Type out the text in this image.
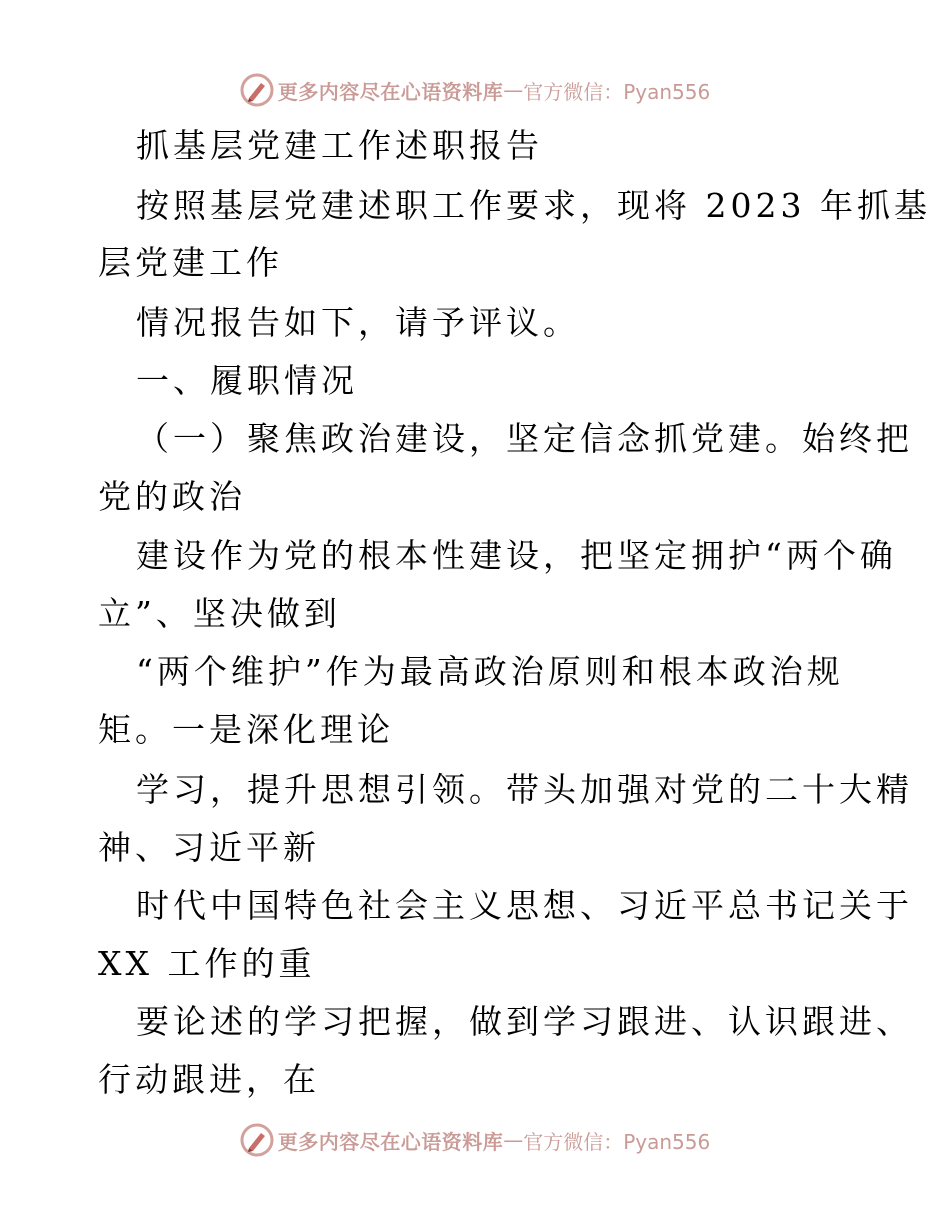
更多内容尽在心语资料库 — 官方微信：Pyan556
抓基层党建工作述职报告
按照基层党建述职工作要求，现将 2023 年抓基
层党建工作
情况报告如下，请予评议。
一、履职情况
（一）聚焦政治建设，坚定信念抓党建。始终把
党的政治
建设作为党的根本性建设，把坚定拥护“两个确
立”、坚决做到
“两个维护”作为最高政治原则和根本政治规
矩。一是深化理论
学习，提升思想引领。带头加强对党的二十大精
神、习近平新
时代中国特色社会主义思想、习近平总书记关于
XX 工作的重
要论述的学习把握，做到学习跟进、认识跟进、
行动跟进，在
更多内容尽在心语资料库 — 官方微信：Pyan556
